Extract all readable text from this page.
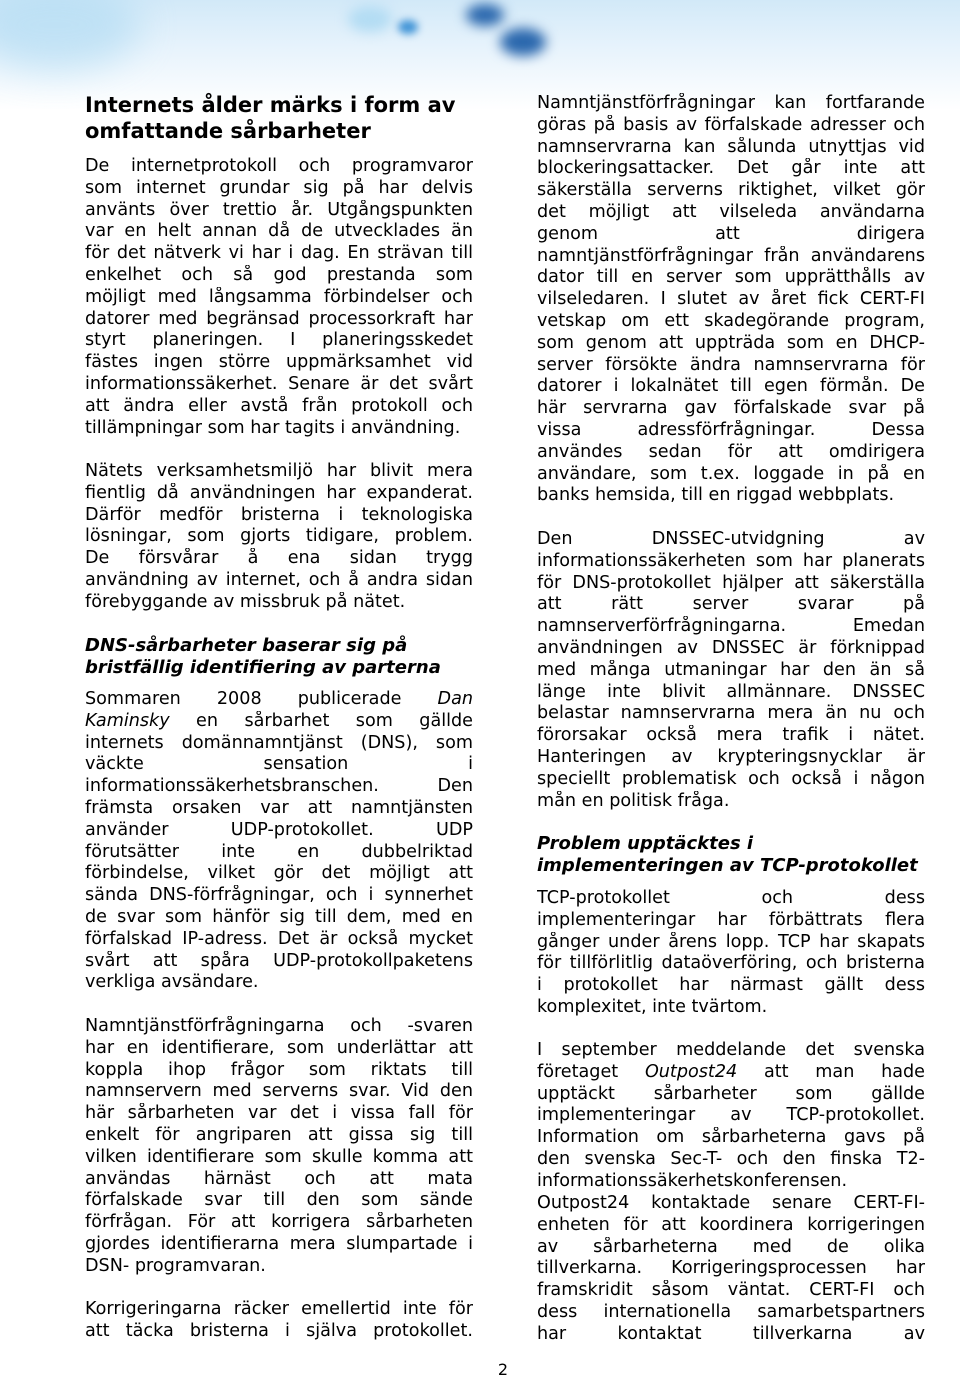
Internets ålder märks i form av
omfattande sårbarheter
De internetprotokoll och programvaror
som internet grundar sig på har delvis
använts över trettio år. Utgångspunkten
var en helt annan då de utvecklades än
för det nätverk vi har i dag. En strävan till
enkelhet och så god prestanda som
möjligt med långsamma förbindelser och
datorer med begränsad processorkraft har
styrt planeringen. I planeringsskedet
fästes ingen större uppmärksamhet vid
informationssäkerhet. Senare är det svårt
att ändra eller avstå från protokoll och
tillämpningar som har tagits i användning.
Nätets verksamhetsmiljö har blivit mera
fientlig då användningen har expanderat.
Därför medför bristerna i teknologiska
lösningar, som gjorts tidigare, problem.
De försvårar å ena sidan trygg
användning av internet, och å andra sidan
förebyggande av missbruk på nätet.
DNS-sårbarheter baserar sig på
bristfällig identifiering av parterna
Sommaren 2008 publicerade Dan
Kaminsky en sårbarhet som gällde
internets domännamntjänst (DNS), som
väckte sensation i
informationssäkerhetsbranschen. Den
främsta orsaken var att namntjänsten
använder UDP-protokollet. UDP
förutsätter inte en dubbelriktad
förbindelse, vilket gör det möjligt att
sända DNS-förfrågningar, och i synnerhet
de svar som hänför sig till dem, med en
förfalskad IP-adress. Det är också mycket
svårt att spåra UDP-protokollpaketens
verkliga avsändare.
Namntjänstförfrågningarna och -svaren
har en identifierare, som underlättar att
koppla ihop frågor som riktats till
namnservern med serverns svar. Vid den
här sårbarheten var det i vissa fall för
enkelt för angriparen att gissa sig till
vilken identifierare som skulle komma att
användas härnäst och att mata
förfalskade svar till den som sände
förfrågan. För att korrigera sårbarheten
gjordes identifierarna mera slumpartade i
DSN- programvaran.
Korrigeringarna räcker emellertid inte för
att täcka bristerna i själva protokollet.
Namntjänstförfrågningar kan fortfarande
göras på basis av förfalskade adresser och
namnservrarna kan sålunda utnyttjas vid
blockeringsattacker. Det går inte att
säkerställa serverns riktighet, vilket gör
det möjligt att vilseleda användarna
genom att dirigera
namntjänstförfrågningar från användarens
dator till en server som upprätthålls av
vilseledaren. I slutet av året fick CERT-FI
vetskap om ett skadegörande program,
som genom att uppträda som en DHCP-
server försökte ändra namnservrarna för
datorer i lokalnätet till egen förmån. De
här servrarna gav förfalskade svar på
vissa adressförfrågningar. Dessa
användes sedan för att omdirigera
användare, som t.ex. loggade in på en
banks hemsida, till en riggad webbplats.
Den DNSSEC-utvidgning av
informationssäkerheten som har planerats
för DNS-protokollet hjälper att säkerställa
att rätt server svarar på
namnserverförfrågningarna. Emedan
användningen av DNSSEC är förknippad
med många utmaningar har den än så
länge inte blivit allmännare. DNSSEC
belastar namnservrarna mera än nu och
förorsakar också mera trafik i nätet.
Hanteringen av krypteringsnycklar är
speciellt problematisk och också i någon
mån en politisk fråga.
Problem upptäcktes i
implementeringen av TCP-protokollet
TCP-protokollet och dess
implementeringar har förbättrats flera
gånger under årens lopp. TCP har skapats
för tillförlitlig dataöverföring, och bristerna
i protokollet har närmast gällt dess
komplexitet, inte tvärtom.
I september meddelande det svenska
företaget Outpost24 att man hade
upptäckt sårbarheter som gällde
implementeringar av TCP-protokollet.
Information om sårbarheterna gavs på
den svenska Sec-T- och den finska T2-
informationssäkerhetskonferensen.
Outpost24 kontaktade senare CERT-FI-
enheten för att koordinera korrigeringen
av sårbarheterna med de olika
tillverkarna. Korrigeringsprocessen har
framskridit såsom väntat. CERT-FI och
dess internationella samarbetspartners
har kontaktat tillverkarna av
2
